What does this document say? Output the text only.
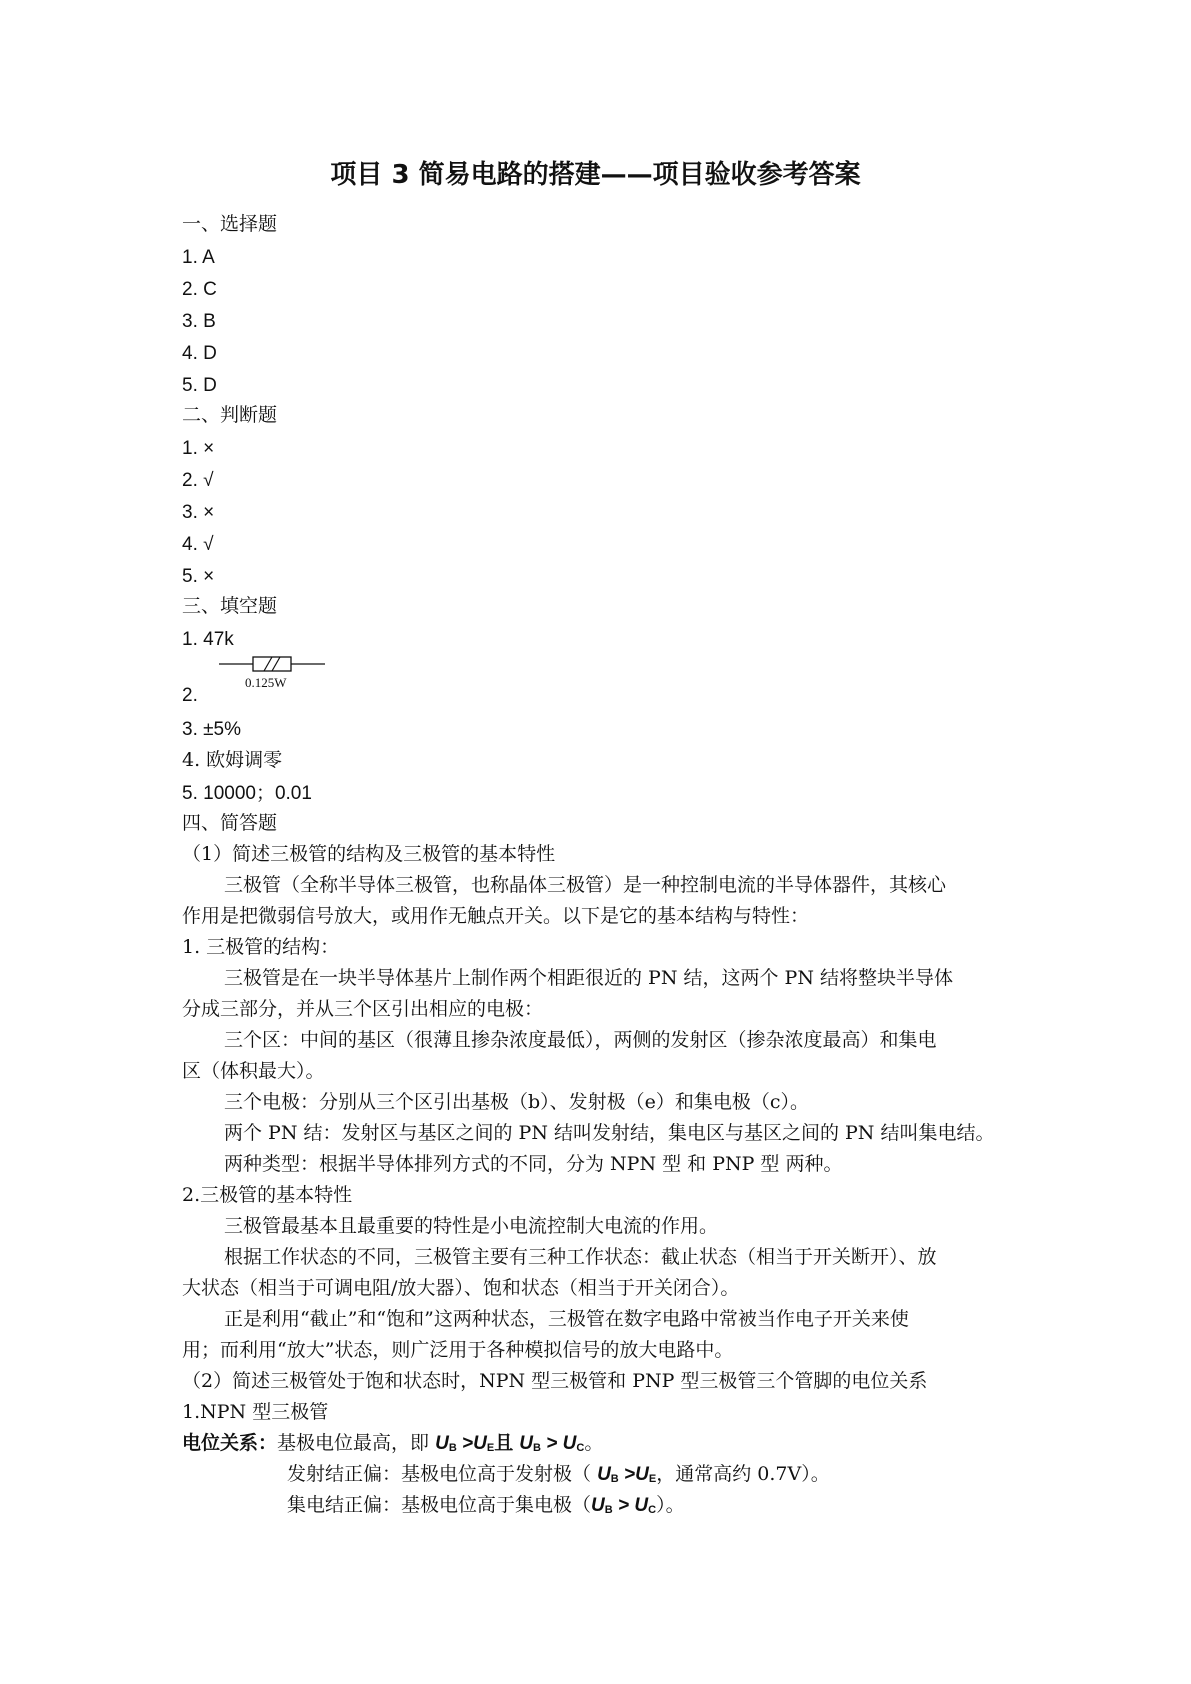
项目 3 简易电路的搭建——项目验收参考答案
一、选择题
1. A
2. C
3. B
4. D
5. D
二、判断题
1. ×
2. √
3. ×
4. √
5. ×
三、填空题
1. 47k
0.125W
2.
3. ±5%
4. 欧姆调零
5. 10000；0.01
四、简答题
（1）简述三极管的结构及三极管的基本特性
三极管（全称半导体三极管，也称晶体三极管）是一种控制电流的半导体器件，其核心
作用是把微弱信号放大，或用作无触点开关。以下是它的基本结构与特性：
1. 三极管的结构：
三极管是在一块半导体基片上制作两个相距很近的 PN 结，这两个 PN 结将整块半导体
分成三部分，并从三个区引出相应的电极：
三个区：中间的基区（很薄且掺杂浓度最低），两侧的发射区（掺杂浓度最高）和集电
区（体积最大）。
三个电极：分别从三个区引出基极（b）、发射极（e）和集电极（c）。
两个 PN 结：发射区与基区之间的 PN 结叫发射结，集电区与基区之间的 PN 结叫集电结。
两种类型：根据半导体排列方式的不同，分为 NPN 型 和 PNP 型 两种。
2.三极管的基本特性
三极管最基本且最重要的特性是小电流控制大电流的作用。
根据工作状态的不同，三极管主要有三种工作状态：截止状态（相当于开关断开）、放
大状态（相当于可调电阻/放大器）、饱和状态（相当于开关闭合）。
正是利用“截止”和“饱和”这两种状态，三极管在数字电路中常被当作电子开关来使
用；而利用“放大”状态，则广泛用于各种模拟信号的放大电路中。
（2）简述三极管处于饱和状态时，NPN 型三极管和 PNP 型三极管三个管脚的电位关系
1.NPN 型三极管
电位关系：基极电位最高，即 $U_B >U_E$且 $U_B > U_C$。
发射结正偏：基极电位高于发射极（ $U_B >U_E$，通常高约 0.7V）。
集电结正偏：基极电位高于集电极$(U_B > U_C)$。
